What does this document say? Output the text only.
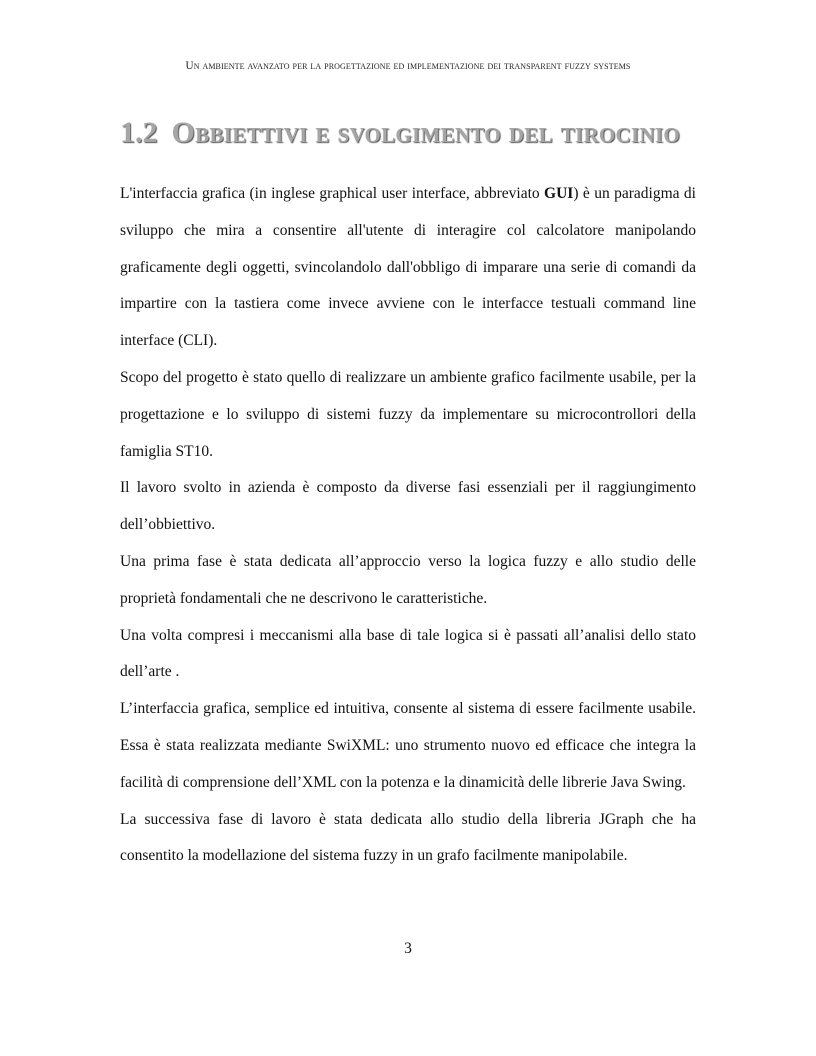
Un ambiente avanzato per la progettazione ed implementazione dei transparent fuzzy systems
1.2 Obbiettivi e svolgimento del tirocinio

L'interfaccia grafica (in inglese graphical user interface, abbreviato GUI) è un paradigma di sviluppo che mira a consentire all'utente di interagire col calcolatore manipolando graficamente degli oggetti, svincolandolo dall'obbligo di imparare una serie di comandi da impartire con la tastiera come invece avviene con le interfacce testuali command line interface (CLI).

Scopo del progetto è stato quello di realizzare un ambiente grafico facilmente usabile, per la progettazione e lo sviluppo di sistemi fuzzy da implementare su microcontrollori della famiglia ST10.

Il lavoro svolto in azienda è composto da diverse fasi essenziali per il raggiungimento dell’obbiettivo.

Una prima fase è stata dedicata all’approccio verso la logica fuzzy e allo studio delle proprietà fondamentali che ne descrivono le caratteristiche.

Una volta compresi i meccanismi alla base di tale logica si è passati all’analisi dello stato dell’arte .

L’interfaccia grafica, semplice ed intuitiva, consente al sistema di essere facilmente usabile. Essa è stata realizzata mediante SwiXML: uno strumento nuovo ed efficace che integra la facilità di comprensione dell’XML con la potenza e la dinamicità delle librerie Java Swing.

La successiva fase di lavoro è stata dedicata allo studio della libreria JGraph che ha consentito la modellazione del sistema fuzzy in un grafo facilmente manipolabile.

3
